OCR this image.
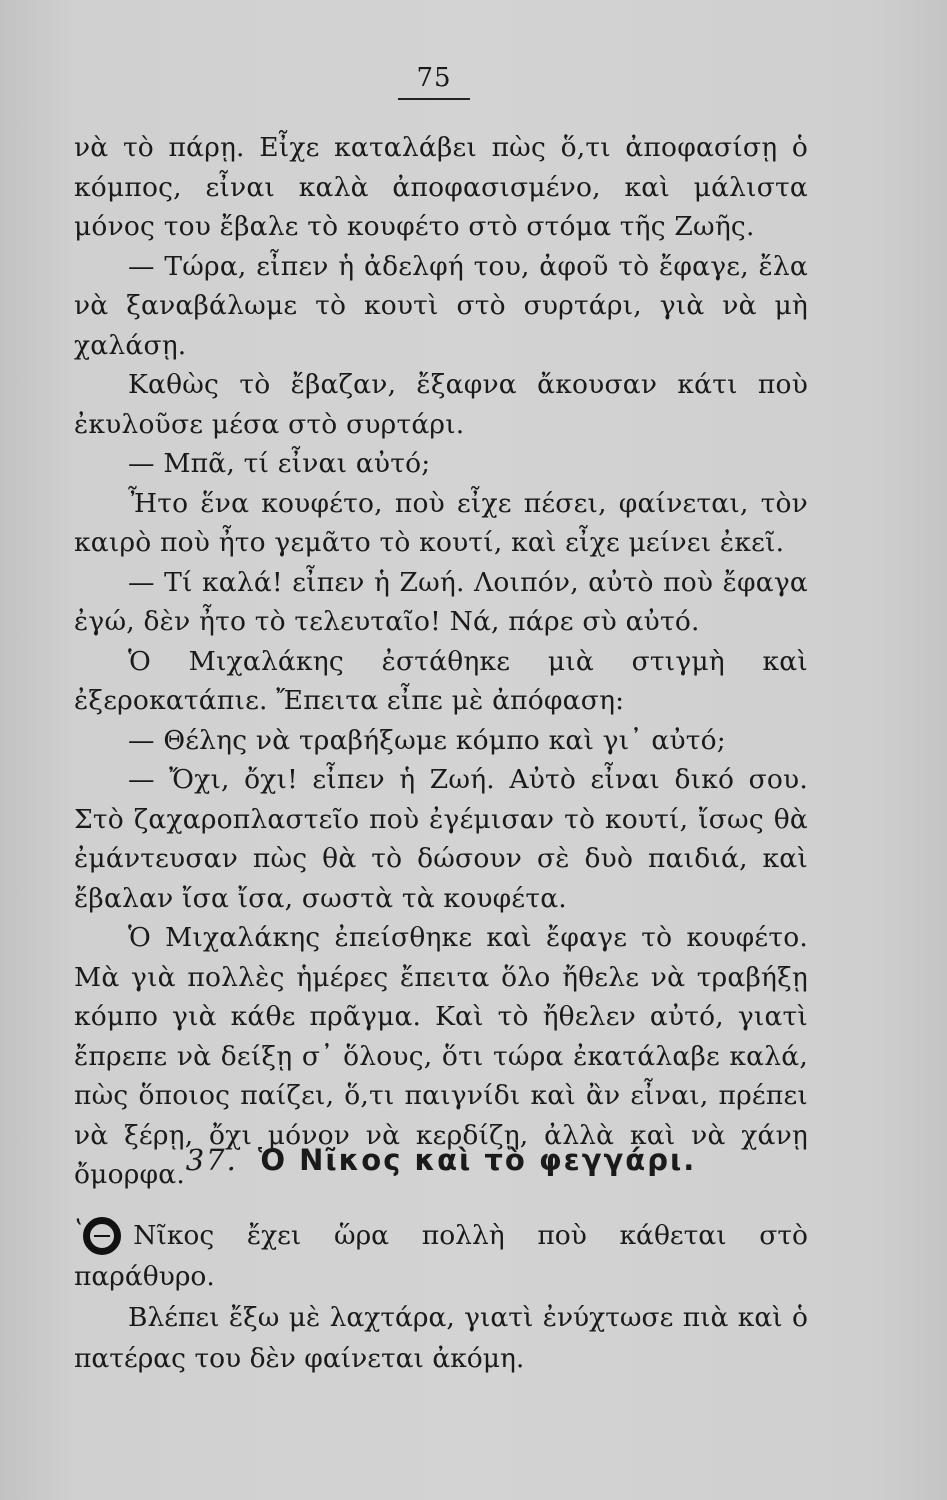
75

νὰ τὸ πάρῃ. Εἶχε καταλάβει πὼς ὅ,τι ἀποφασίσῃ ὁ κόμπος, εἶναι καλὰ ἀποφασισμένο, καὶ μάλιστα μόνος του ἔβαλε τὸ κουφέτο στὸ στόμα τῆς Ζωῆς.

— Τώρα, εἶπεν ἡ ἀδελφή του, ἀφοῦ τὸ ἔφαγε, ἔλα νὰ ξαναβάλωμε τὸ κουτὶ στὸ συρτάρι, γιὰ νὰ μὴ χαλάσῃ.

Καθὼς τὸ ἔβαζαν, ἔξαφνα ἄκουσαν κάτι ποὺ ἐκυλοῦσε μέσα στὸ συρτάρι.

— Μπᾶ, τί εἶναι αὐτό;

Ἦτο ἕνα κουφέτο, ποὺ εἶχε πέσει, φαίνεται, τὸν καιρὸ ποὺ ἦτο γεμᾶτο τὸ κουτί, καὶ εἶχε μείνει ἐκεῖ.

— Τί καλά! εἶπεν ἡ Ζωή. Λοιπόν, αὐτὸ ποὺ ἔφαγα ἐγώ, δὲν ἦτο τὸ τελευταῖο! Νά, πάρε σὺ αὐτό.

Ὁ Μιχαλάκης ἐστάθηκε μιὰ στιγμὴ καὶ ἐξεροκατάπιε. Ἔπειτα εἶπε μὲ ἀπόφαση:

— Θέλης νὰ τραβήξωμε κόμπο καὶ γι᾽ αὐτό;

— Ὄχι, ὄχι! εἶπεν ἡ Ζωή. Αὐτὸ εἶναι δικό σου. Στὸ ζαχαροπλαστεῖο ποὺ ἐγέμισαν τὸ κουτί, ἴσως θὰ ἐμάντευσαν πὼς θὰ τὸ δώσουν σὲ δυὸ παιδιά, καὶ ἔβαλαν ἴσα ἴσα, σωστὰ τὰ κουφέτα.

Ὁ Μιχαλάκης ἐπείσθηκε καὶ ἔφαγε τὸ κουφέτο. Μὰ γιὰ πολλὲς ἡμέρες ἔπειτα ὅλο ἤθελε νὰ τραβήξῃ κόμπο γιὰ κάθε πρᾶγμα. Καὶ τὸ ἤθελεν αὐτό, γιατὶ ἔπρεπε νὰ δείξῃ σ᾽ ὅλους, ὅτι τώρα ἐκατάλαβε καλά, πὼς ὅποιος παίζει, ὅ,τι παιγνίδι καὶ ἂν εἶναι, πρέπει νὰ ξέρῃ, ὄχι μόνον νὰ κερδίζῃ, ἀλλὰ καὶ νὰ χάνῃ ὄμορφα. 37. Ὁ Νῖκος καὶ τὸ φεγγάρι.

ʽ Νῖκος ἔχει ὥρα πολλὴ ποὺ κάθεται στὸ παράθυρο.

Βλέπει ἔξω μὲ λαχτάρα, γιατὶ ἐνύχτωσε πιὰ καὶ ὁ πατέρας του δὲν φαίνεται ἀκόμη.
